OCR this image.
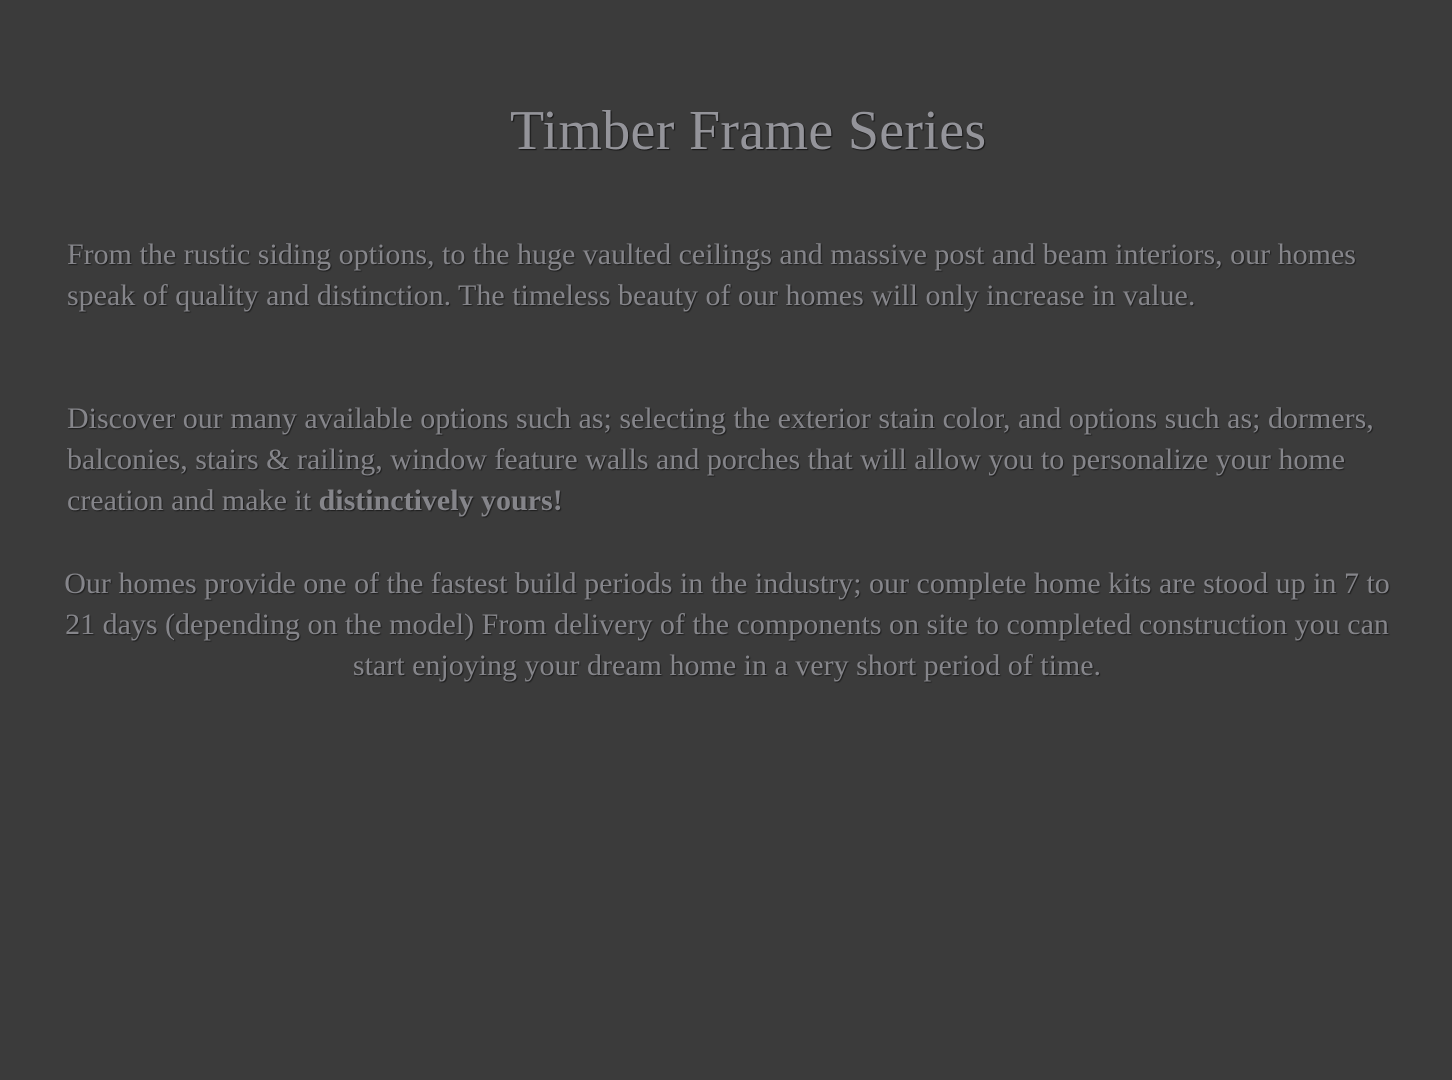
Timber Frame Series

From the rustic siding options, to the huge vaulted ceilings and massive post and beam interiors, our homes speak of quality and distinction. The timeless beauty of our homes will only increase in value.

Discover our many available options such as; selecting the exterior stain color, and options such as; dormers, balconies, stairs & railing, window feature walls and porches that will allow you to personalize your home creation and make it distinctively yours!

Our homes provide one of the fastest build periods in the industry; our complete home kits are stood up in 7 to 21 days (depending on the model) From delivery of the components on site to completed construction you can start enjoying your dream home in a very short period of time.
